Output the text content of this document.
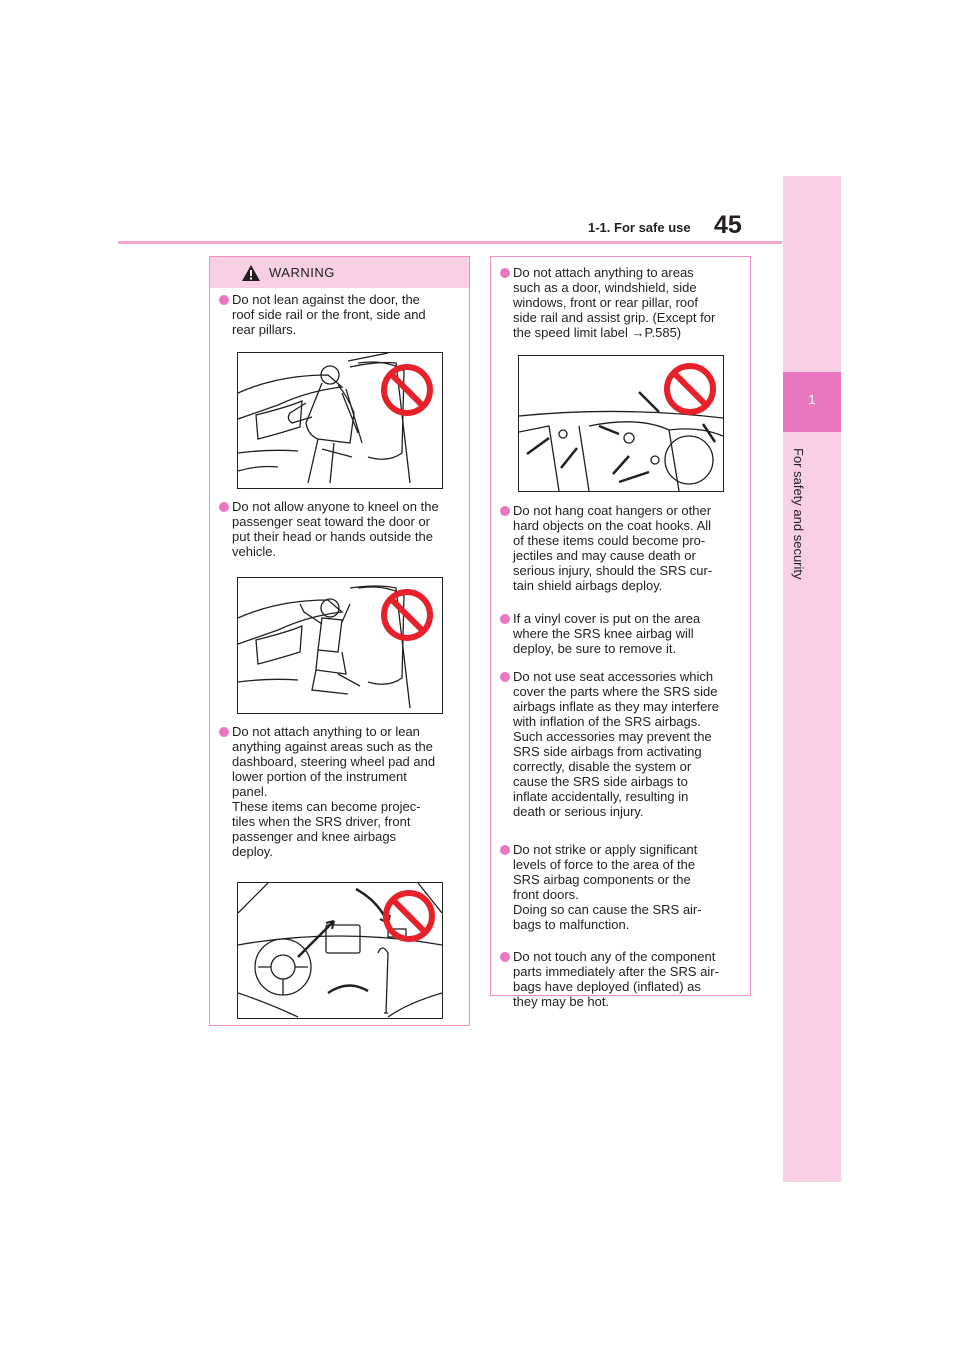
1-1. For safe use 45
1
For safety and security
WARNING
Do not lean against the door, the
roof side rail or the front, side and
rear pillars.
Do not allow anyone to kneel on the
passenger seat toward the door or
put their head or hands outside the
vehicle.
Do not attach anything to or lean
anything against areas such as the
dashboard, steering wheel pad and
lower portion of the instrument
panel.
These items can become projec-
tiles when the SRS driver, front
passenger and knee airbags
deploy.
Do not attach anything to areas
such as a door, windshield, side
windows, front or rear pillar, roof
side rail and assist grip. (Except for
the speed limit label →P.585)
Do not hang coat hangers or other
hard objects on the coat hooks. All
of these items could become pro-
jectiles and may cause death or
serious injury, should the SRS cur-
tain shield airbags deploy.
If a vinyl cover is put on the area
where the SRS knee airbag will
deploy, be sure to remove it.
Do not use seat accessories which
cover the parts where the SRS side
airbags inflate as they may interfere
with inflation of the SRS airbags.
Such accessories may prevent the
SRS side airbags from activating
correctly, disable the system or
cause the SRS side airbags to
inflate accidentally, resulting in
death or serious injury.
Do not strike or apply significant
levels of force to the area of the
SRS airbag components or the
front doors.
Doing so can cause the SRS air-
bags to malfunction.
Do not touch any of the component
parts immediately after the SRS air-
bags have deployed (inflated) as
they may be hot.
